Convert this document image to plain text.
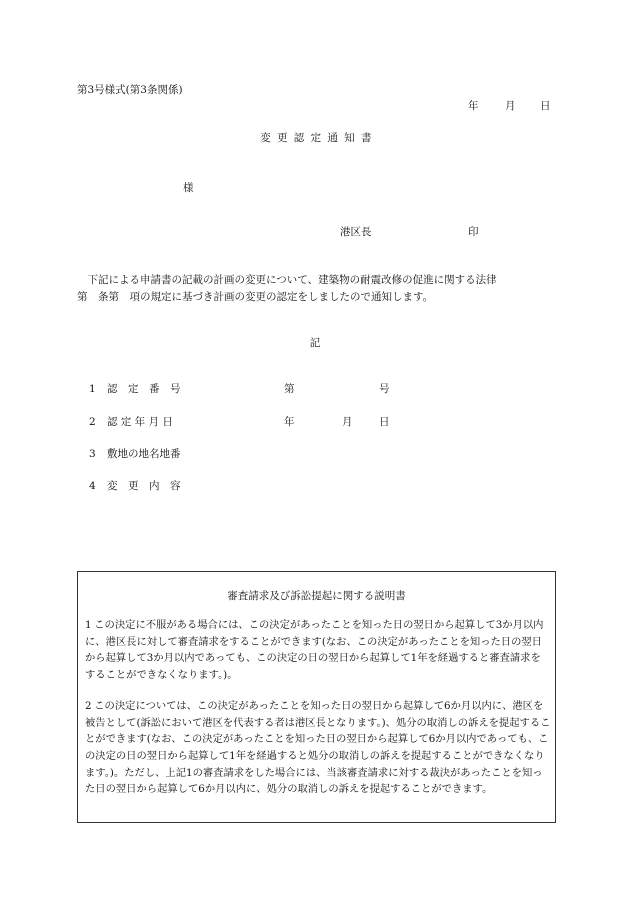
第3号様式(第3条関係)
年	月 日
変更認定通知書
様
港区長	印

下記による申請書の記載の計画の変更について、建築物の耐震改修の促進に関する法律

第　条第　項の規定に基づき計画の変更の認定をしましたので通知します。

記
1 認　定　番　号	第	号
2 認 定 年 月 日	年	月	日
3 敷地の地名地番
4 変　更　内　容
審査請求及び訴訟提起に関する説明書
1 この決定に不服がある場合には、この決定があったことを知った日の翌日から起算して3か月以内に、港区長に対して審査請求をすることができます(なお、この決定があったことを知った日の翌日から起算して3か月以内であっても、この決定の日の翌日から起算して1年を経過すると審査請求をすることができなくなります。)。
2 この決定については、この決定があったことを知った日の翌日から起算して6か月以内に、港区を被告として(訴訟において港区を代表する者は港区長となります。)、処分の取消しの訴えを提起することができます(なお、この決定があったことを知った日の翌日から起算して6か月以内であっても、この決定の日の翌日から起算して1年を経過すると処分の取消しの訴えを提起することができなくなります。)。ただし、上記1の審査請求をした場合には、当該審査請求に対する裁決があったことを知った日の翌日から起算して6か月以内に、処分の取消しの訴えを提起することができます。
